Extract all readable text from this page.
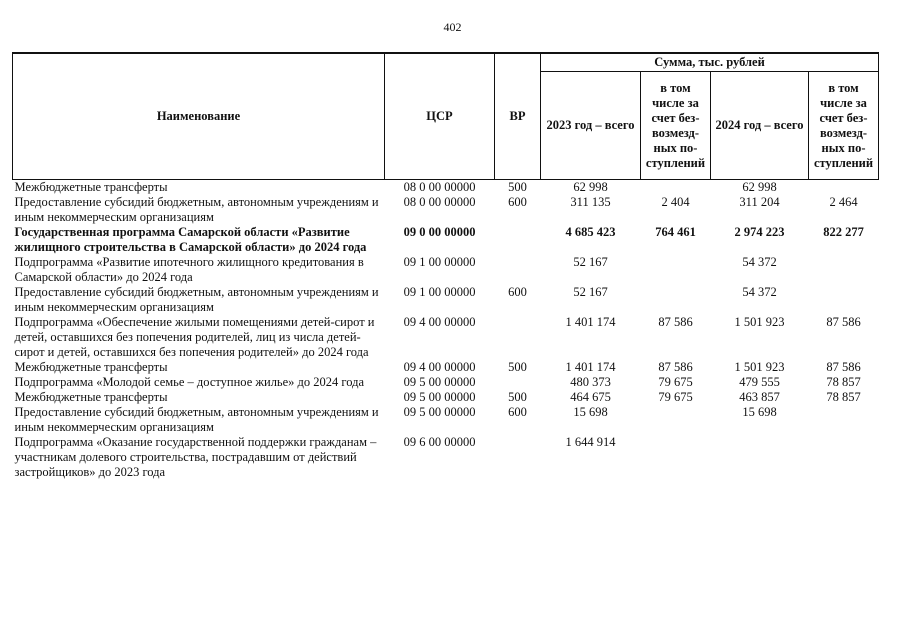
402
Наименование	ЦСР	ВР	Сумма, тыс. рублей			
			2023 год – всего	в том числе за счет без-возмезд-ных по-ступлений	2024 год – всего	в том числе за счет без-возмезд-ных по-ступлений
Межбюджетные трансферты	08 0 00 00000	500	62 998		62 998	
Предоставление субсидий бюджетным, автономным учреждениям и иным некоммерческим организациям	08 0 00 00000	600	311 135	2 404	311 204	2 464
Государственная программа Самарской области «Развитие жилищного строительства в Самарской области» до 2024 года	09 0 00 00000		4 685 423	764 461	2 974 223	822 277
Подпрограмма «Развитие ипотечного жилищного кредитования в Самарской области» до 2024 года	09 1 00 00000		52 167		54 372	
Предоставление субсидий бюджетным, автономным учреждениям и иным некоммерческим организациям	09 1 00 00000	600	52 167		54 372	
Подпрограмма «Обеспечение жилыми помещениями детей-сирот и детей, оставшихся без попечения родителей, лиц из числа детей-сирот и детей, оставшихся без попечения родителей» до 2024 года	09 4 00 00000		1 401 174	87 586	1 501 923	87 586
Межбюджетные трансферты	09 4 00 00000	500	1 401 174	87 586	1 501 923	87 586
Подпрограмма «Молодой семье – доступное жилье» до 2024 года	09 5 00 00000		480 373	79 675	479 555	78 857
Межбюджетные трансферты	09 5 00 00000	500	464 675	79 675	463 857	78 857
Предоставление субсидий бюджетным, автономным учреждениям и иным некоммерческим организациям	09 5 00 00000	600	15 698		15 698	
Подпрограмма «Оказание государственной поддержки гражданам – участникам долевого строительства, пострадавшим от действий застройщиков» до 2023 года	09 6 00 00000		1 644 914			
